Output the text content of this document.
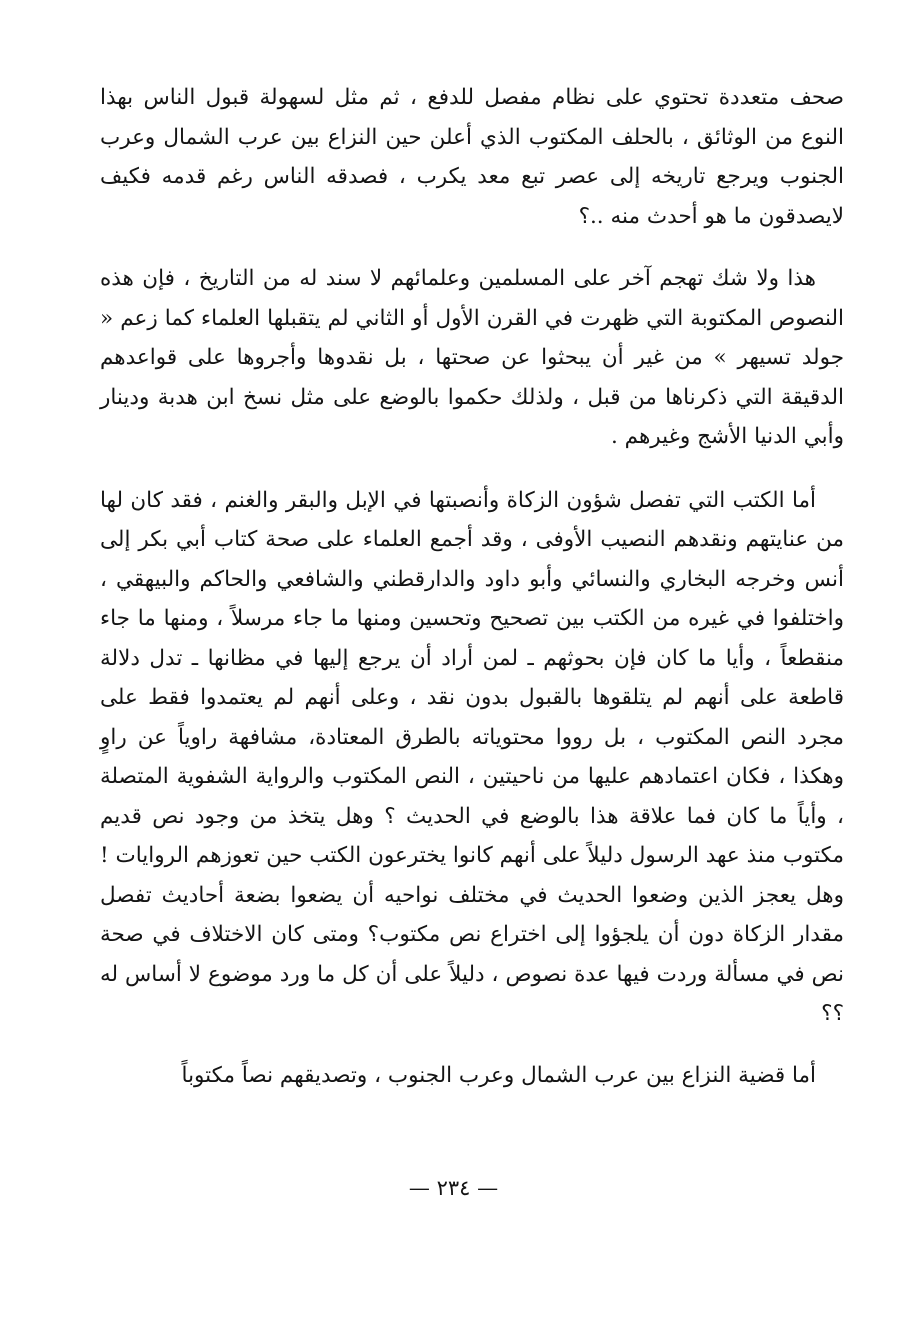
صحف متعددة تحتوي على نظام مفصل للدفع ، ثم مثل لسهولة قبول الناس بهذا النوع من الوثائق ، بالحلف المكتوب الذي أعلن حين النزاع بين عرب الشمال وعرب الجنوب ويرجع تاريخه إلى عصر تبع معد يكرب ، فصدقه الناس رغم قدمه فكيف لايصدقون ما هو أحدث منه ..؟

هذا ولا شك تهجم آخر على المسلمين وعلمائهم لا سند له من التاريخ ، فإن هذه النصوص المكتوبة التي ظهرت في القرن الأول أو الثاني لم يتقبلها العلماء كما زعم « جولد تسيهر » من غير أن يبحثوا عن صحتها ، بل نقدوها وأجروها على قواعدهم الدقيقة التي ذكرناها من قبل ، ولذلك حكموا بالوضع على مثل نسخ ابن هدبة ودينار وأبي الدنيا الأشج وغيرهم .

أما الكتب التي تفصل شؤون الزكاة وأنصبتها في الإبل والبقر والغنم ، فقد كان لها من عنايتهم ونقدهم النصيب الأوفى ، وقد أجمع العلماء على صحة كتاب أبي بكر إلى أنس وخرجه البخاري والنسائي وأبو داود والدارقطني والشافعي والحاكم والبيهقي ، واختلفوا في غيره من الكتب بين تصحيح وتحسين ومنها ما جاء مرسلاً ، ومنها ما جاء منقطعاً ، وأيا ما كان فإن بحوثهم ـ لمن أراد أن يرجع إليها في مظانها ـ تدل دلالة قاطعة على أنهم لم يتلقوها بالقبول بدون نقد ، وعلى أنهم لم يعتمدوا فقط على مجرد النص المكتوب ، بل رووا محتوياته بالطرق المعتادة، مشافهة راوياً عن راوٍ وهكذا ، فكان اعتمادهم عليها من ناحيتين ، النص المكتوب والرواية الشفوية المتصلة ، وأياً ما كان فما علاقة هذا بالوضع في الحديث ؟ وهل يتخذ من وجود نص قديم مكتوب منذ عهد الرسول دليلاً على أنهم كانوا يخترعون الكتب حين تعوزهم الروايات ! وهل يعجز الذين وضعوا الحديث في مختلف نواحيه أن يضعوا بضعة أحاديث تفصل مقدار الزكاة دون أن يلجؤوا إلى اختراع نص مكتوب؟ ومتى كان الاختلاف في صحة نص في مسألة وردت فيها عدة نصوص ، دليلاً على أن كل ما ورد موضوع لا أساس له ؟؟

أما قضية النزاع بين عرب الشمال وعرب الجنوب ، وتصديقهم نصاً مكتوباً

— ٢٣٤ —
